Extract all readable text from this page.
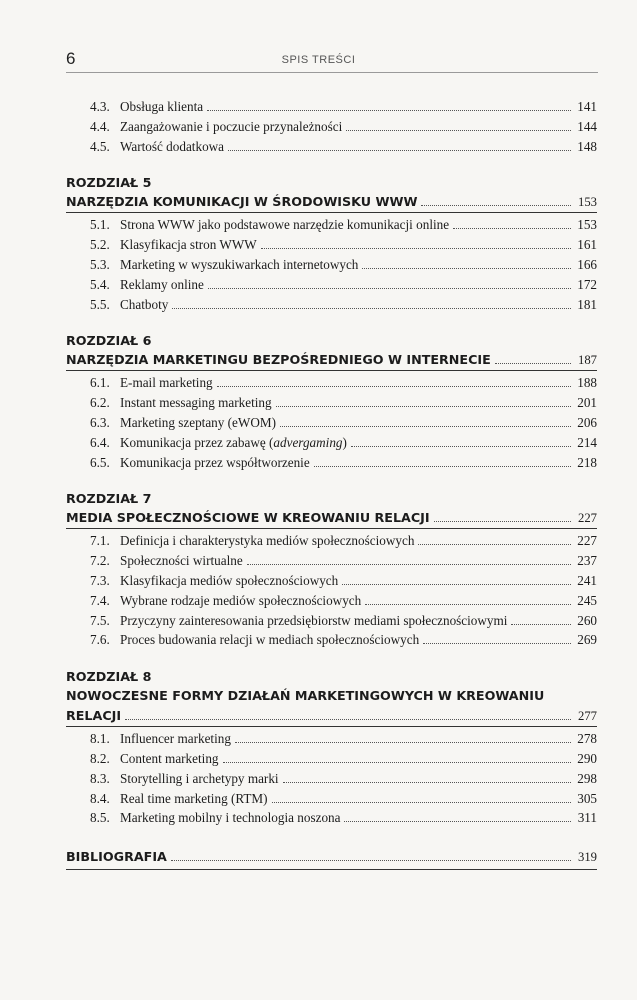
6	SPIS TREŚCI
4.3. Obsługa klienta	141
4.4. Zaangażowanie i poczucie przynależności	144
4.5. Wartość dodatkowa	148
ROZDZIAŁ 5
NARZĘDZIA KOMUNIKACJI W ŚRODOWISKU WWW	153
5.1. Strona WWW jako podstawowe narzędzie komunikacji online	153
5.2. Klasyfikacja stron WWW	161
5.3. Marketing w wyszukiwarkach internetowych	166
5.4. Reklamy online	172
5.5. Chatboty	181
ROZDZIAŁ 6
NARZĘDZIA MARKETINGU BEZPOŚREDNIEGO W INTERNECIE	187
6.1. E-mail marketing	188
6.2. Instant messaging marketing	201
6.3. Marketing szeptany (eWOM)	206
6.4. Komunikacja przez zabawę (advergaming)	214
6.5. Komunikacja przez współtworzenie	218
ROZDZIAŁ 7
MEDIA SPOŁECZNOŚCIOWE W KREOWANIU RELACJI	227
7.1. Definicja i charakterystyka mediów społecznościowych	227
7.2. Społeczności wirtualne	237
7.3. Klasyfikacja mediów społecznościowych	241
7.4. Wybrane rodzaje mediów społecznościowych	245
7.5. Przyczyny zainteresowania przedsiębiorstw mediami społecznościowymi	260
7.6. Proces budowania relacji w mediach społecznościowych	269
ROZDZIAŁ 8
NOWOCZESNE FORMY DZIAŁAŃ MARKETINGOWYCH W KREOWANIU
RELACJI	277
8.1. Influencer marketing	278
8.2. Content marketing	290
8.3. Storytelling i archetypy marki	298
8.4. Real time marketing (RTM)	305
8.5. Marketing mobilny i technologia noszona	311
BIBLIOGRAFIA	319
